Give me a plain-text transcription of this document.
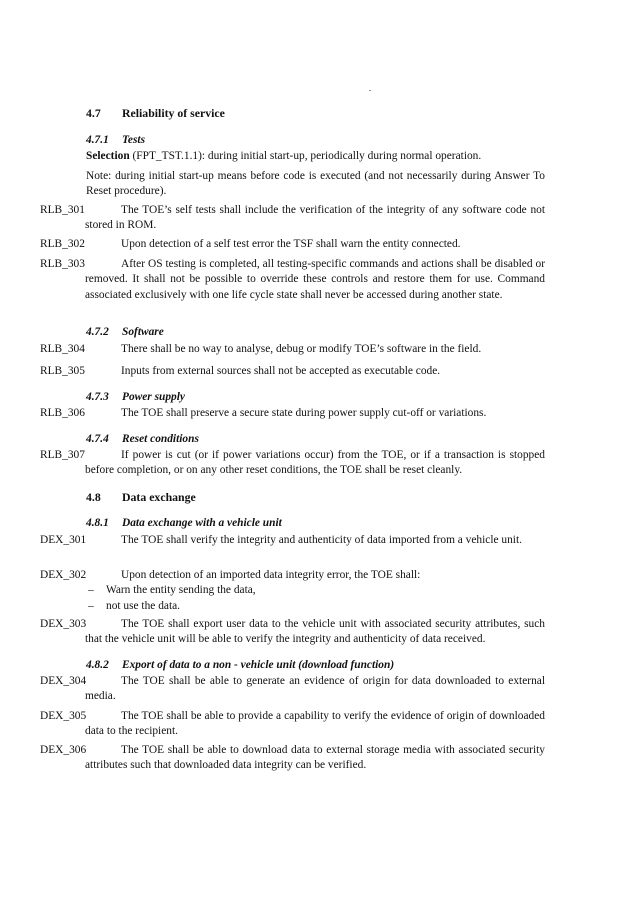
4.7 Reliability of service
4.7.1 Tests
Selection (FPT_TST.1.1): during initial start-up, periodically during normal operation.
Note: during initial start-up means before code is executed (and not necessarily during Answer To Reset procedure).
RLB_301	The TOE’s self tests shall include the verification of the integrity of any software code not stored in ROM.
RLB_302	Upon detection of a self test error the TSF shall warn the entity connected.
RLB_303	After OS testing is completed, all testing-specific commands and actions shall be disabled or removed. It shall not be possible to override these controls and restore them for use. Command associated exclusively with one life cycle state shall never be accessed during another state.
4.7.2 Software
RLB_304	There shall be no way to analyse, debug or modify TOE’s software in the field.
RLB_305	Inputs from external sources shall not be accepted as executable code.
4.7.3 Power supply
RLB_306	The TOE shall preserve a secure state during power supply cut-off or variations.
4.7.4 Reset conditions
RLB_307	If power is cut (or if power variations occur) from the TOE, or if a transaction is stopped before completion, or on any other reset conditions, the TOE shall be reset cleanly.
4.8 Data exchange
4.8.1 Data exchange with a vehicle unit
DEX_301	The TOE shall verify the integrity and authenticity of data imported from a vehicle unit.
DEX_302	Upon detection of an imported data integrity error, the TOE shall:
– Warn the entity sending the data,
– not use the data.
DEX_303	The TOE shall export user data to the vehicle unit with associated security attributes, such that the vehicle unit will be able to verify the integrity and authenticity of data received.
4.8.2 Export of data to a non - vehicle unit (download function)
DEX_304	The TOE shall be able to generate an evidence of origin for data downloaded to external media.
DEX_305	The TOE shall be able to provide a capability to verify the evidence of origin of downloaded data to the recipient.
DEX_306	The TOE shall be able to download data to external storage media with associated security attributes such that downloaded data integrity can be verified.
